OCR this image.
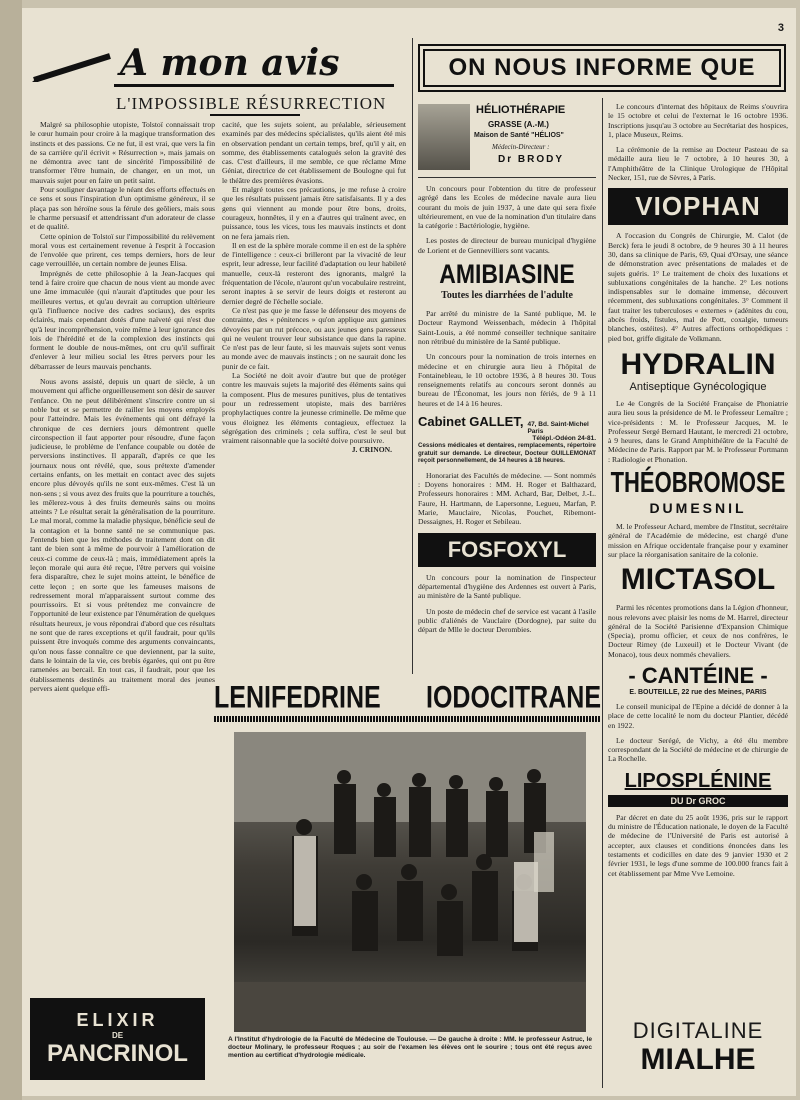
3
A mon avis
L'IMPOSSIBLE RÉSURRECTION

Malgré sa philosophie utopiste, Tolstoï connaissait trop le cœur humain pour croire à la magique transformation des instincts et des passions. Ce ne fut, il est vrai, que vers la fin de sa carrière qu'il écrivit « Résurrection », mais jamais on ne démontra avec tant de sincérité l'impossibilité de transformer l'être humain, de changer, en un mot, un mauvais sujet pour en faire un petit saint.

Pour souligner davantage le néant des efforts effectués en ce sens et sous l'inspiration d'un optimisme généreux, il se plaça pas son héroïne sous la férule des geôliers, mais sous le charme persuasif et attendrissant d'un adorateur de classe et de qualité.

Cette opinion de Tolstoï sur l'impossibilité du relèvement moral vous est certainement revenue à l'esprit à l'occasion de l'envolée que prirent, ces temps derniers, hors de leur cage verrouillée, un certain nombre de jeunes Elisa.

Imprégnés de cette philosophie à la Jean-Jacques qui tend à faire croire que chacun de nous vient au monde avec une âme immaculée (qui n'aurait d'aptitudes que pour les meilleures vertus, et qu'au devrait au corruption ultérieure qu'à l'influence nocive des cadres sociaux), des esprits éclairés, mais cependant dotés d'une naïveté qui n'est due qu'à leur incompréhension, voire même à leur ignorance des lois de l'hérédité et de la complexion des instincts qui forment le double de nous-mêmes, ont cru qu'il suffirait d'enlever à leur milieu social les êtres pervers pour les débarrasser de leurs mauvais penchants.

Nous avons assisté, depuis un quart de siècle, à un mouvement qui affiche orgueilleusement son désir de sauver l'enfance. On ne peut délibérément s'inscrire contre un si noble but et se permettre de railler les moyens employés pour l'atteindre. Mais les événements qui ont défrayé la chronique de ces derniers jours démontrent quelle circonspection il faut apporter pour résoudre, d'une façon judicieuse, le problème de l'enfance coupable ou dotée de perversions instinctives. Il apparaît, d'après ce que les journaux nous ont révélé, que, sous prétexte d'amender certains enfants, on les mettait en contact avec des sujets encore plus dévoyés qu'ils ne sont eux-mêmes. C'est là un non-sens ; si vous avez des fruits que la pourriture a touchés, les mêlerez-vous à des fruits demeurés sains ou moins atteints ? Le résultat serait la généralisation de la pourriture. Le mal moral, comme la maladie physique, bénéficie seul de la contagion et la bonne santé ne se communique pas. J'entends bien que les méthodes de traitement dont on dit tant de bien sont à même de pourvoir à l'amélioration de ceux-ci comme de ceux-là ; mais, immédiatement après la leçon morale qui aura été reçue, l'être pervers qui voisine fera disparaître, chez le sujet moins atteint, le bénéfice de cette leçon ; en sorte que les fameuses maisons de redressement moral m'apparaissent surtout comme des pourrissoirs. Et si vous prétendez me convaincre de l'opportunité de leur existence par l'énumération de quelques résultats heureux, je vous répondrai d'abord que ces résultats ne sont que de rares exceptions et qu'il faudrait, pour qu'ils puissent être invoqués comme des arguments convaincants, qu'on nous fasse connaître ce que deviennent, par la suite, dans le lointain de la vie, ces brebis égarées, qui ont pu être ramenées au bercail. En tout cas, il faudrait, pour que les établissements destinés au traitement moral des jeunes pervers aient quelque effi-

cacité, que les sujets soient, au préalable, sérieusement examinés par des médecins spécialistes, qu'ils aient été mis en observation pendant un certain temps, bref, qu'il y ait, en somme, des établissements catalogués selon la gravité des cas. C'est d'ailleurs, il me semble, ce que réclame Mme Géniat, directrice de cet établissement de Boulogne qui fut le théâtre des premières évasions.

Et malgré toutes ces précautions, je me refuse à croire que les résultats puissent jamais être satisfaisants. Il y a des gens qui viennent au monde pour être bons, droits, courageux, honnêtes, il y en a d'autres qui traînent avec, en puissance, tous les vices, tous les mauvais instincts et dont on ne fera jamais rien.

Il en est de la sphère morale comme il en est de la sphère de l'intelligence : ceux-ci brilleront par la vivacité de leur esprit, leur adresse, leur facilité d'adaptation ou leur habileté manuelle, ceux-là resteront des ignorants, malgré la fréquentation de l'école, n'auront qu'un vocabulaire restreint, seront inaptes à se servir de leurs doigts et resteront au dernier degré de l'échelle sociale.

Ce n'est pas que je me fasse le défenseur des moyens de contrainte, des « pénitences » qu'on applique aux gamines dévoyées par un rut précoce, ou aux jeunes gens paresseux qui ne veulent trouver leur subsistance que dans la rapine. Ce n'est pas de leur faute, si les mauvais sujets sont venus au monde avec de mauvais instincts ; on ne saurait donc les punir de ce fait.

La Société ne doit avoir d'autre but que de protéger contre les mauvais sujets la majorité des éléments sains qui la composent. Plus de mesures punitives, plus de tentatives pour un redressement utopiste, mais des barrières prophylactiques contre la jeunesse criminelle. De même que vous éloignez les éléments contagieux, effectuez la ségrégation des criminels ; cela suffira, c'est le seul but vraiment raisonnable que la société doive poursuivre.

J. CRINON.

LENIFEDRINE IODOCITRANE
A l'Institut d'hydrologie de la Faculté de Médecine de Toulouse. — De gauche à droite : MM. le professeur Astruc, le docteur Molinary, le professeur Roques ; au soir de l'examen les élèves ont le sourire ; tous ont été reçus avec mention au certificat d'hydrologie médicale.
ELIXIR
DE
PANCRINOL
ON NOUS INFORME QUE
HÉLIOTHÉRAPIE
GRASSE (A.-M.)
Maison de Santé "HÉLIOS"
Médecin-Directeur :
Dr BRODY

Un concours pour l'obtention du titre de professeur agrégé dans les Ecoles de médecine navale aura lieu courant du mois de juin 1937, à une date qui sera fixée ultérieurement, en vue de la nomination d'un titulaire dans la catégorie : Bactériologie, hygiène.

Les postes de directeur de bureau municipal d'hygiène de Lorient et de Gennevilliers sont vacants.

AMIBIASINE
Toutes les diarrhées de l'adulte

Par arrêté du ministre de la Santé publique, M. le Docteur Raymond Weissenbach, médecin à l'hôpital Saint-Louis, a été nommé conseiller technique sanitaire non rétribué du ministère de la Santé publique.

Un concours pour la nomination de trois internes en médecine et en chirurgie aura lieu à l'hôpital de Fontainebleau, le 10 octobre 1936, à 8 heures 30. Tous renseignements relatifs au concours seront donnés au bureau de l'Économat, les jours non fériés, de 9 à 11 heures et de 14 à 16 heures.

Cabinet GALLET, 47, Bd. Saint-Michel Paris
Télépl.-Odéon 24-81.
Cessions médicales et dentaires, remplacements, répertoire gratuit sur demande. Le directeur, Docteur GUILLEMONAT reçoit personnellement, de 14 heures à 18 heures.

Honorariat des Facultés de médecine. — Sont nommés : Doyens honoraires : MM. H. Roger et Balthazard, Professeurs honoraires : MM. Achard, Bar, Delbet, J.-L. Faure, H. Hartmann, de Lapersonne, Legueu, Marfan, P. Marie, Mauclaire, Nicolas, Pouchet, Ribemont-Dessaignes, H. Roger et Sebileau.

FOSFOXYL

Un concours pour la nomination de l'inspecteur départemental d'hygiène des Ardennes est ouvert à Paris, au ministère de la Santé publique.

Un poste de médecin chef de service est vacant à l'asile public d'aliénés de Vauclaire (Dordogne), par suite du départ de Mlle le docteur Derombies.

Le concours d'internat des hôpitaux de Reims s'ouvrira le 15 octobre et celui de l'externat le 16 octobre 1936. Inscriptions jusqu'au 3 octobre au Secrétariat des hospices, 1, place Museux, Reims.

La cérémonie de la remise au Docteur Pasteau de sa médaille aura lieu le 7 octobre, à 10 heures 30, à l'Amphithéâtre de la Clinique Urologique de l'Hôpital Necker, 151, rue de Sèvres, à Paris.

VIOPHAN

A l'occasion du Congrès de Chirurgie, M. Calot (de Berck) fera le jeudi 8 octobre, de 9 heures 30 à 11 heures 30, dans sa clinique de Paris, 69, Quai d'Orsay, une séance de démonstration avec présentations de malades et de sujets guéris. 1° Le traitement de choix des luxations et subluxations congénitales de la hanche. 2° Les notions indispensables sur le domaine immense, découvert récemment, des subluxations congénitales. 3° Comment il faut traiter les tuberculoses « externes » (adénites du cou, abcès froids, fistules, mal de Pott, coxalgie, tumeurs blanches, ostéites). 4° Autres affections orthopédiques : pied bot, griffe digitale de Volkmann.

HYDRALIN
Antiseptique Gynécologique

Le 4e Congrès de la Société Française de Phoniatrie aura lieu sous la présidence de M. le Professeur Lemaître ; vice-présidents : M. le Professeur Jacques, M. le Professeur Sergé Bernard Hautant, le mercredi 21 octobre, à 9 heures, dans le Grand Amphithéâtre de la Faculté de Médecine de Paris. Rapport par M. le Professeur Portmann : Radiologie et Phonation.

THÉOBROMOSE
DUMESNIL

M. le Professeur Achard, membre de l'Institut, secrétaire général de l'Académie de médecine, est chargé d'une mission en Afrique occidentale française pour y examiner sur place la réorganisation sanitaire de la colonie.

MICTASOL

Parmi les récentes promotions dans la Légion d'honneur, nous relevons avec plaisir les noms de M. Harrel, directeur général de la Société Parisienne d'Expansion Chimique (Specia), promu officier, et ceux de nos confrères, le Docteur Rimey (de Luxeuil) et le Docteur Vivant (de Monaco), tous deux nommés chevaliers.

- CANTÉINE -
E. BOUTEILLE, 22 rue des Meines, PARIS

Le conseil municipal de l'Epine a décidé de donner à la place de cette localité le nom du docteur Plantier, décédé en 1922.

Le docteur Serégé, de Vichy, a été élu membre correspondant de la Société de médecine et de chirurgie de La Rochelle.

LIPOSPLÉNINE
DU Dr GROC

Par décret en date du 25 août 1936, pris sur le rapport du ministre de l'Éducation nationale, le doyen de la Faculté de médecine de l'Université de Paris est autorisé à accepter, aux clauses et conditions énoncées dans les testaments et codicilles en date des 9 janvier 1930 et 2 février 1931, le legs d'une somme de 100.000 francs fait à cet établissement par Mme Vve Lemoine.

DIGITALINE
MIALHE
